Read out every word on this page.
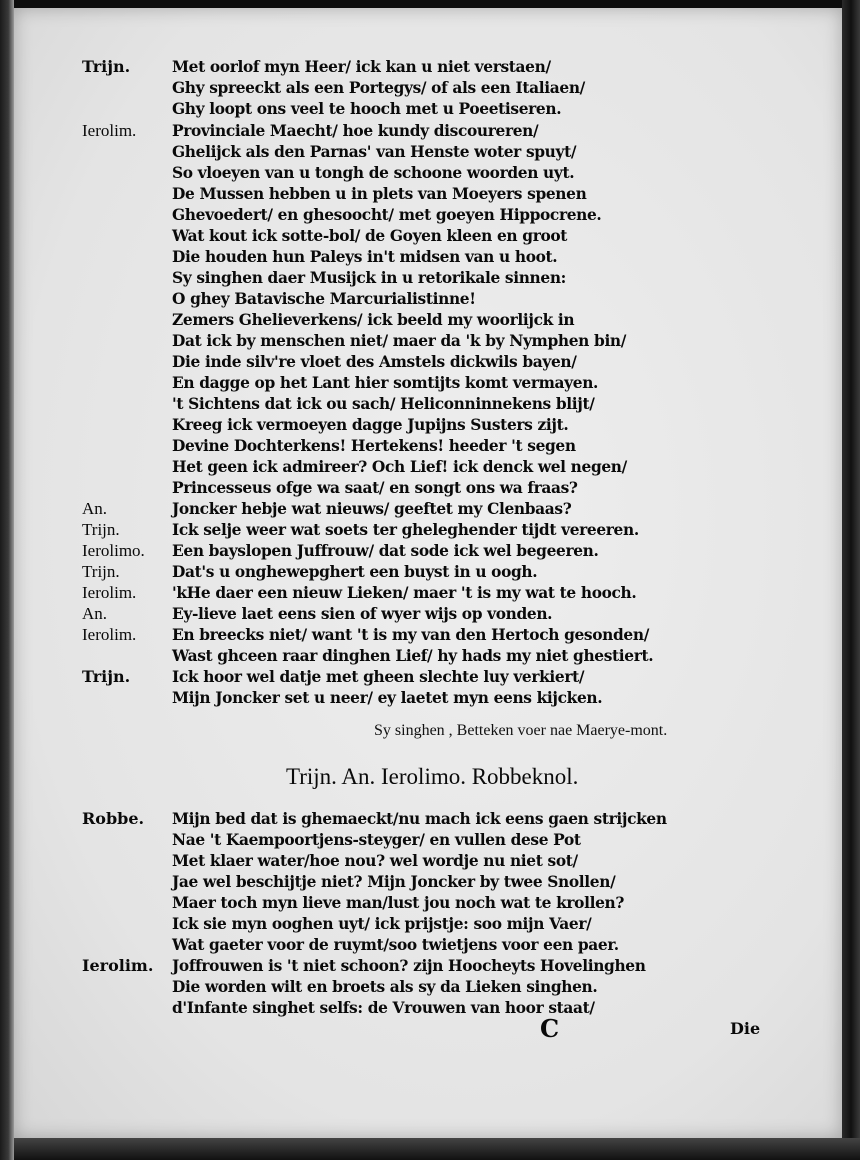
Trijn.	Met oorlof myn Heer/ ick kan u niet verstaen/
Ghy spreeckt als een Portegys/ of als een Italiaen/
Ghy loopt ons veel te hooch met u Poeetiseren.
Ierolim. Provinciale Maecht/ hoe kundy discoureren/
Ghelijck als den Parnas' van Henste woter spuyt/
So vloeyen van u tongh de schoone woorden uyt.
De Mussen hebben u in plets van Moeyers spenen
Ghevoedert/ en ghesoocht/ met goeyen Hippocrene.
Wat kout ick sotte-bol/ de Goyen kleen en groot
Die houden hun Paleys in't midsen van u hoot.
Sy singhen daer Musijck in u retorikale sinnen:
O ghey Batavische Marcurialistinne!
Zemers Ghelieverkens/ ick beeld my woorlijck in
Dat ick by menschen niet/ maer da 'k by Nymphen bin/
Die inde silv're vloet des Amstels dickwils bayen/
En dagge op het Lant hier somtijts komt vermayen.
't Sichtens dat ick ou sach/ Heliconninnekens blijt/
Kreeg ick vermoeyen dagge Jupijns Susters zijt.
Devine Dochterkens! Hertekens! heeder 't segen
Het geen ick admireer? Och Lief! ick denck wel negen/
Princesseus ofge wa saat/ en songt ons wa fraas?
An.	Joncker hebje wat nieuws/ geeftet my Clenbaas?
Trijn.	Ick selje weer wat soets ter gheleghender tijdt vereeren.
Ierolimo. Een bayslopen Juffrouw/ dat sode ick wel begeeren.
Trijn.	Dat's u onghewepghert een buyst in u oogh.
Ierolim. 'kHe daer een nieuw Lieken/ maer 't is my wat te hooch.
An.	Ey-lieve laet eens sien of wyer wijs op vonden.
Ierolim. En breecks niet/ want 't is my van den Hertoch gesonden/
Wast ghceen raar dinghen Lief/ hy hads my niet ghestiert.
Trijn.	Ick hoor wel datje met gheen slechte luy verkiert/
Mijn Joncker set u neer/ ey laetet myn eens kijcken.
Sy singhen , Betteken voer nae Maerye-mont.
Trijn. An. Ierolimo. Robbeknol.
Robbe. Mijn bed dat is ghemaeckt/nu mach ick eens gaen strijcken
Nae 't Kaempoortjens-steyger/ en vullen dese Pot
Met klaer water/hoe nou? wel wordje nu niet sot/
Jae wel beschijtje niet? Mijn Joncker by twee Snollen/
Maer toch myn lieve man/lust jou noch wat te krollen?
Ick sie myn ooghen uyt/ ick prijstje: soo mijn Vaer/
Wat gaeter voor de ruymt/soo twietjens voor een paer.
Ierolim. Joffrouwen is 't niet schoon? zijn Hoocheyts Hovelinghen
Die worden wilt en broets als sy da Lieken singhen.
d'Infante singhet selfs: de Vrouwen van hoor staat/
C	Die
